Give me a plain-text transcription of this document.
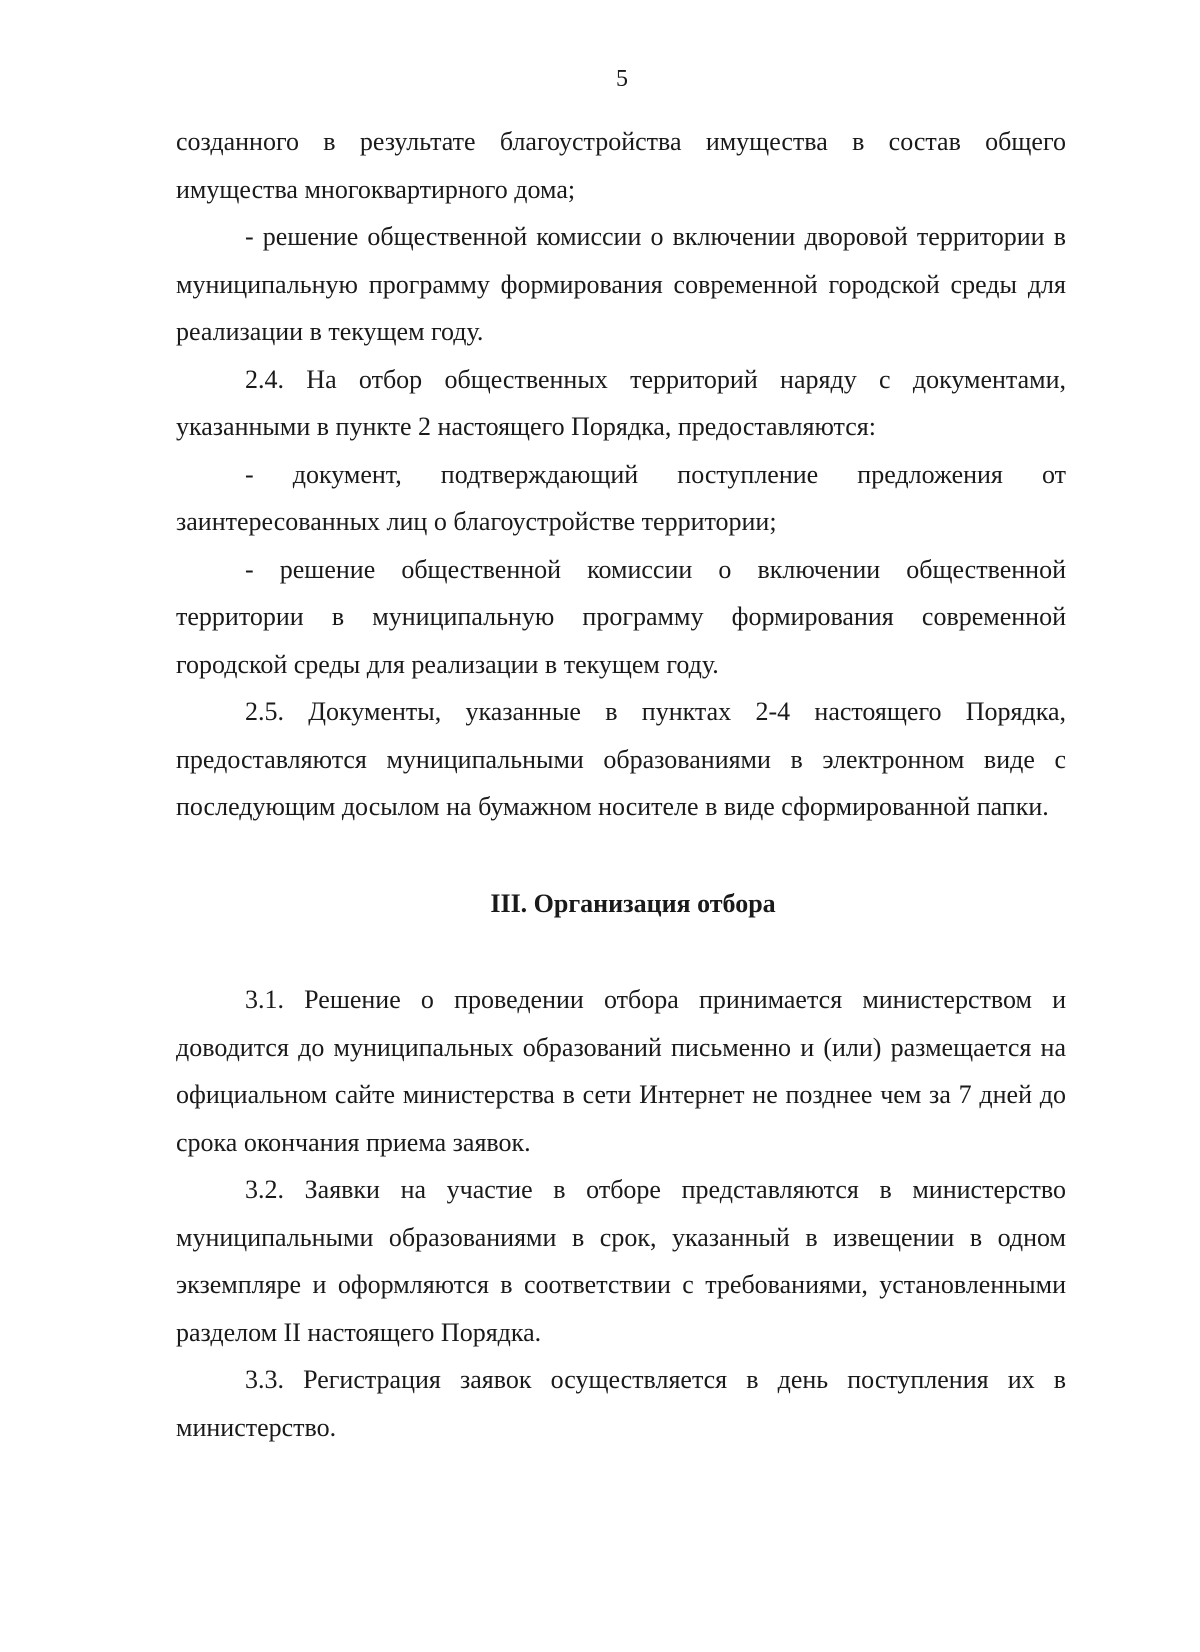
5

созданного в результате благоустройства имущества в состав общего имущества многоквартирного дома;

- решение общественной комиссии о включении дворовой территории в муниципальную программу формирования современной городской среды для реализации в текущем году.

2.4. На отбор общественных территорий наряду с документами, указанными в пункте 2 настоящего Порядка, предоставляются:

- документ, подтверждающий поступление предложения от заинтересованных лиц о благоустройстве территории;

- решение общественной комиссии о включении общественной территории в муниципальную программу формирования современной городской среды для реализации в текущем году.

2.5. Документы, указанные в пунктах 2-4 настоящего Порядка, предоставляются муниципальными образованиями в электронном виде с последующим досылом на бумажном носителе в виде сформированной папки.

III. Организация отбора

3.1. Решение о проведении отбора принимается министерством и доводится до муниципальных образований письменно и (или) размещается на официальном сайте министерства в сети Интернет не позднее чем за 7 дней до срока окончания приема заявок.

3.2. Заявки на участие в отборе представляются в министерство муниципальными образованиями в срок, указанный в извещении в одном экземпляре и оформляются в соответствии с требованиями, установленными разделом II настоящего Порядка.

3.3. Регистрация заявок осуществляется в день поступления их в министерство.
